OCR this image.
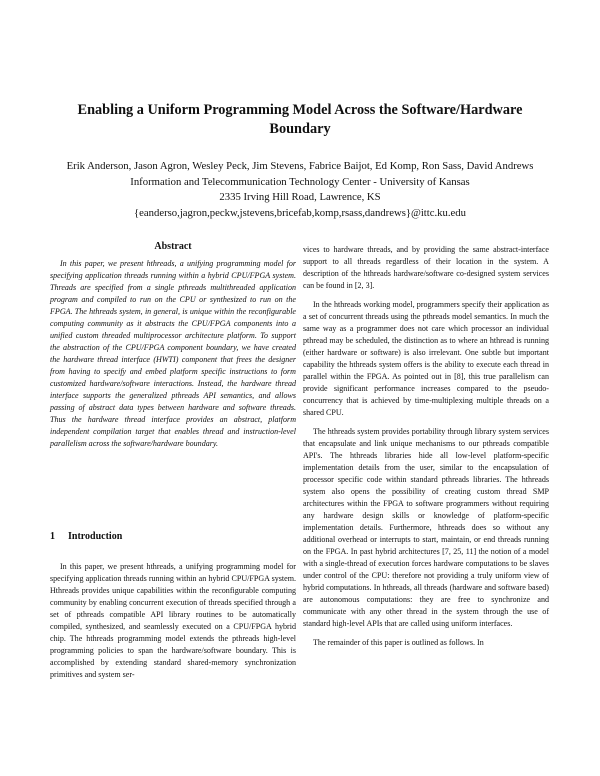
Enabling a Uniform Programming Model Across the Software/Hardware Boundary
Erik Anderson, Jason Agron, Wesley Peck, Jim Stevens, Fabrice Baijot, Ed Komp, Ron Sass, David Andrews
Information and Telecommunication Technology Center - University of Kansas
2335 Irving Hill Road, Lawrence, KS
{eanderso,jagron,peckw,jstevens,bricefab,komp,rsass,dandrews}@ittc.ku.edu
Abstract

In this paper, we present hthreads, a unifying programming model for specifying application threads running within a hybrid CPU/FPGA system. Threads are specified from a single pthreads multithreaded application program and compiled to run on the CPU or synthesized to run on the FPGA. The hthreads system, in general, is unique within the reconfigurable computing community as it abstracts the CPU/FPGA components into a unified custom threaded multiprocessor architecture platform. To support the abstraction of the CPU/FPGA component boundary, we have created the hardware thread interface (HWTI) component that frees the designer from having to specify and embed platform specific instructions to form customized hardware/software interactions. Instead, the hardware thread interface supports the generalized pthreads API semantics, and allows passing of abstract data types between hardware and software threads. Thus the hardware thread interface provides an abstract, platform independent compilation target that enables thread and instruction-level parallelism across the software/hardware boundary.

1 Introduction

In this paper, we present hthreads, a unifying programming model for specifying application threads running within an hybrid CPU/FPGA system. Hthreads provides unique capabilities within the reconfigurable computing community by enabling concurrent execution of threads specified through a set of pthreads compatible API library routines to be automatically compiled, synthesized, and seamlessly executed on a CPU/FPGA hybrid chip. The hthreads programming model extends the pthreads high-level programming policies to span the hardware/software boundary. This is accomplished by extending standard shared-memory synchronization primitives and system ser-

vices to hardware threads, and by providing the same abstract-interface support to all threads regardless of their location in the system. A description of the hthreads hardware/software co-designed system services can be found in [2, 3].

In the hthreads working model, programmers specify their application as a set of concurrent threads using the pthreads model semantics. In much the same way as a programmer does not care which processor an individual pthread may be scheduled, the distinction as to where an hthread is running (either hardware or software) is also irrelevant. One subtle but important capability the hthreads system offers is the ability to execute each thread in parallel within the FPGA. As pointed out in [8], this true parallelism can provide significant performance increases compared to the pseudo-concurrency that is achieved by time-multiplexing multiple threads on a shared CPU.

The hthreads system provides portability through library system services that encapsulate and link unique mechanisms to our pthreads compatible API's. The hthreads libraries hide all low-level platform-specific implementation details from the user, similar to the encapsulation of processor specific code within standard pthreads libraries. The hthreads system also opens the possibility of creating custom thread SMP architectures within the FPGA to software programmers without requiring any hardware design skills or knowledge of platform-specific implementation details. Furthermore, hthreads does so without any additional overhead or interrupts to start, maintain, or end threads running on the FPGA. In past hybrid architectures [7, 25, 11] the notion of a model with a single-thread of execution forces hardware computations to be slaves under control of the CPU: therefore not providing a truly uniform view of hybrid computations. In hthreads, all threads (hardware and software based) are autonomous computations: they are free to synchronize and communicate with any other thread in the system through the use of standard high-level APIs that are called using uniform interfaces.

The remainder of this paper is outlined as follows. In
